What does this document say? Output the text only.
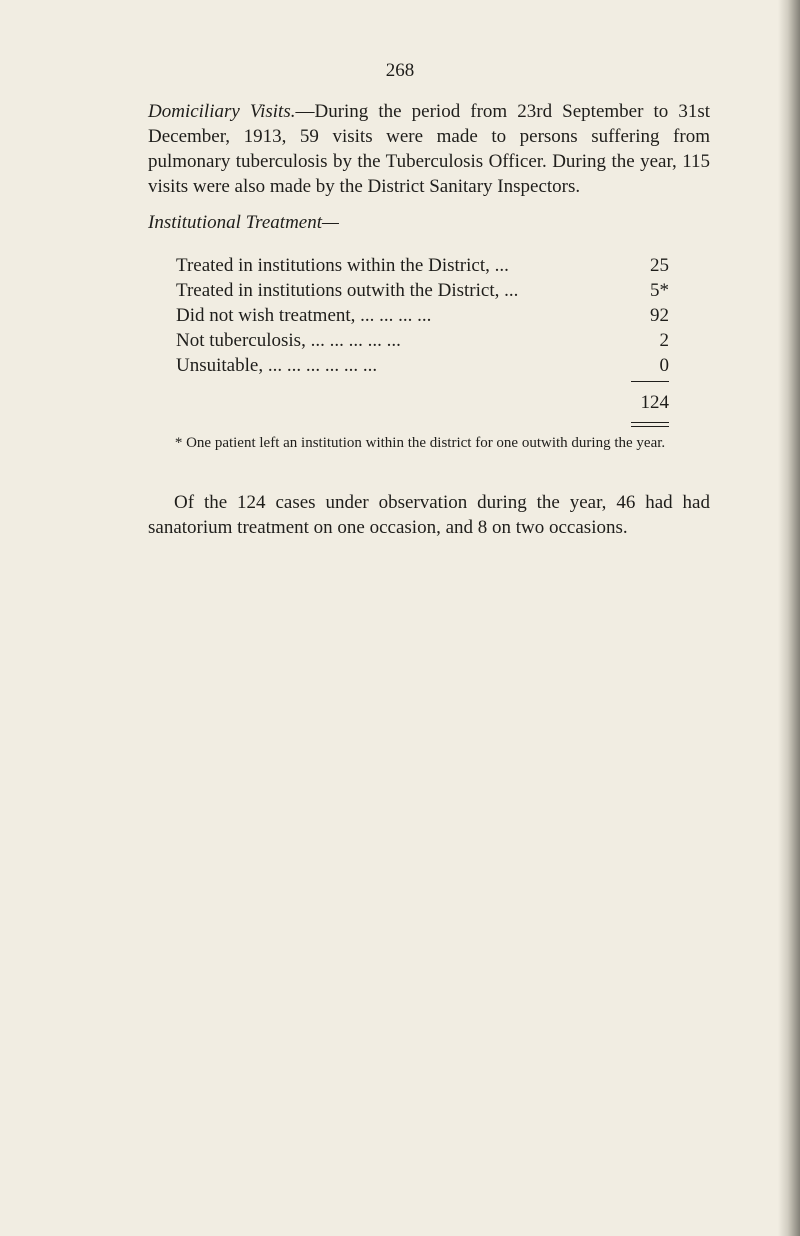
268
Domiciliary Visits.—During the period from 23rd September to 31st December, 1913, 59 visits were made to persons suffering from pulmonary tuberculosis by the Tuberculosis Officer. During the year, 115 visits were also made by the District Sanitary Inspectors.
Institutional Treatment—
Treated in institutions within the District, ...	25
Treated in institutions outwith the District, ...	5*
Did not wish treatment, ... ... ... ...	92
Not tuberculosis, ... ... ... ... ...	2
Unsuitable, ... ... ... ... ... ...	0
124
* One patient left an institution within the district for one outwith during the year.
Of the 124 cases under observation during the year, 46 had had
sanatorium treatment on one occasion, and 8 on two occasions.
